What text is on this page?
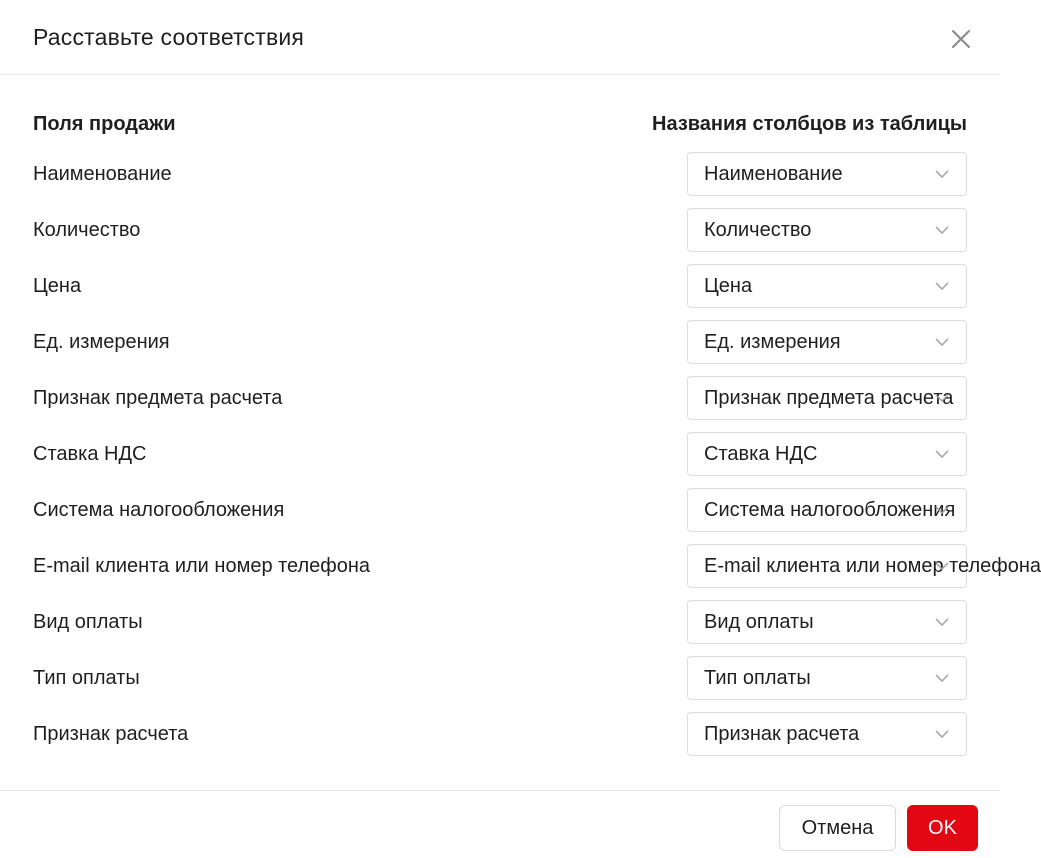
Расставьте соответствия
Поля продажи	Названия столбцов из таблицы
Наименование	Наименование
Количество	Количество
Цена	Цена
Ед. измерения	Ед. измерения
Признак предмета расчета	Признак предмета расчета
Ставка НДС	Ставка НДС
Система налогообложения	Система налогообложения
E-mail клиента или номер телефона	E-mail клиента или номер телефона
Вид оплаты	Вид оплаты
Тип оплаты	Тип оплаты
Признак расчета	Признак расчета
Отмена	OK
